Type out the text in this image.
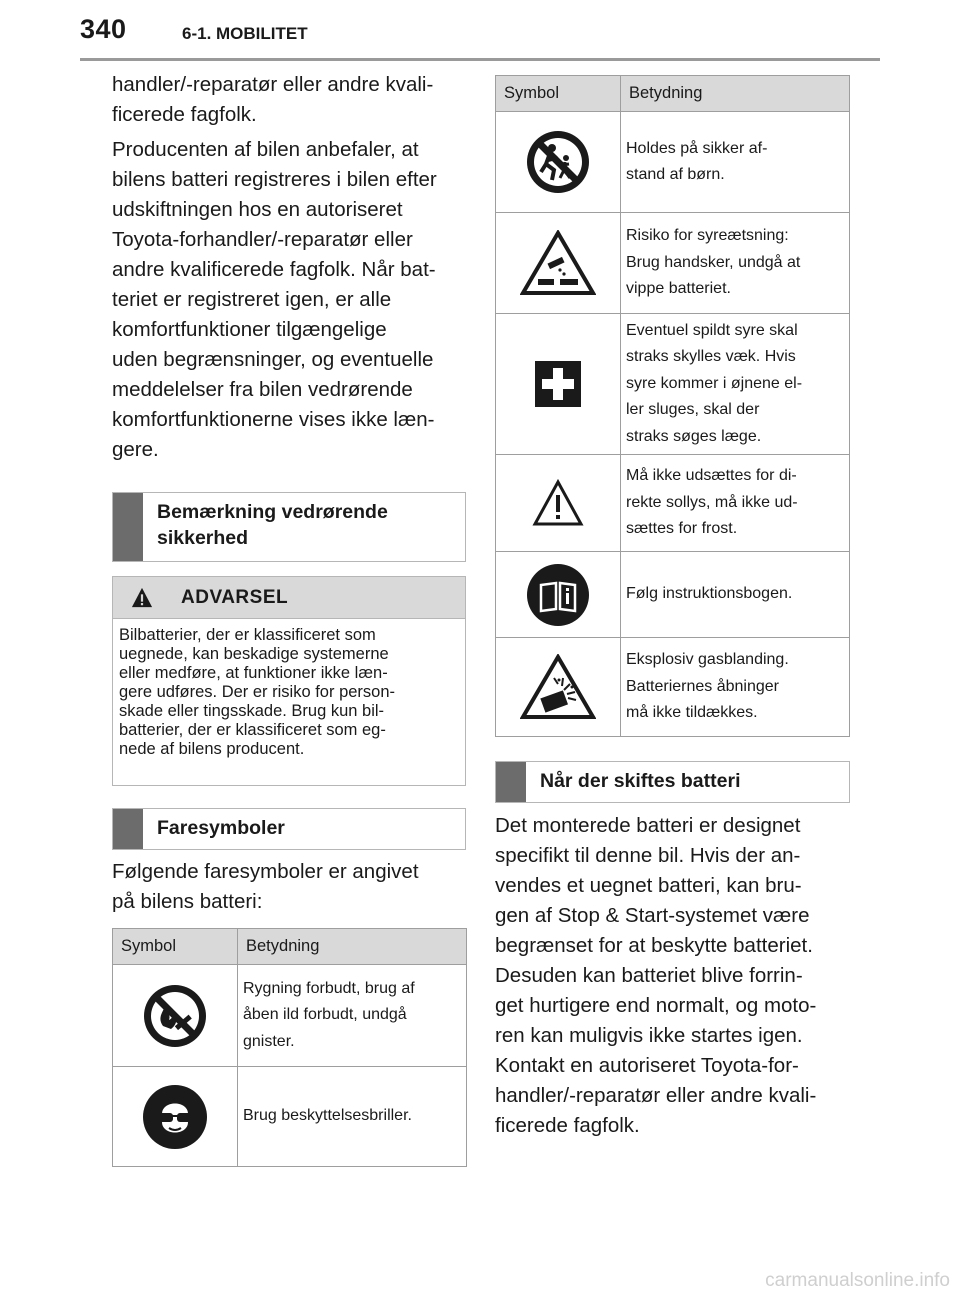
340	6-1. MOBILITET

handler/-reparatør eller andre kvali-

ficerede fagfolk.

Producenten af bilen anbefaler, at

bilens batteri registreres i bilen efter

udskiftningen hos en autoriseret

Toyota-forhandler/-reparatør eller

andre kvalificerede fagfolk. Når bat-

teriet er registreret igen, er alle

komfortfunktioner tilgængelige

uden begrænsninger, og eventuelle

meddelelser fra bilen vedrørende

komfortfunktionerne vises ikke læn-

gere.

Bemærkning vedrørende
sikkerhed
ADVARSEL
Bilbatterier, der er klassificeret som
uegnede, kan beskadige systemerne
eller medføre, at funktioner ikke læn-
gere udføres. Der er risiko for person-
skade eller tingsskade. Brug kun bil-
batterier, der er klassificeret som eg-
nede af bilens producent.
Faresymboler

Følgende faresymboler er angivet

på bilens batteri:

Symbol	Betydning

Rygning forbudt, brug af
åben ild forbudt, undgå
gnister.

Brug beskyttelsesbriller.
Symbol	Betydning

Holdes på sikker af-
stand af børn.

Risiko for syreætsning:
Brug handsker, undgå at
vippe batteriet.

Eventuel spildt syre skal
straks skylles væk. Hvis
syre kommer i øjnene el-
ler sluges, skal der
straks søges læge.

Må ikke udsættes for di-
rekte sollys, må ikke ud-
sættes for frost.

Følg instruktionsbogen.

Eksplosiv gasblanding.
Batteriernes åbninger
må ikke tildækkes.
Når der skiftes batteri

Det monterede batteri er designet

specifikt til denne bil. Hvis der an-

vendes et uegnet batteri, kan bru-

gen af Stop & Start-systemet være

begrænset for at beskytte batteriet.

Desuden kan batteriet blive forrin-

get hurtigere end normalt, og moto-

ren kan muligvis ikke startes igen.

Kontakt en autoriseret Toyota-for-

handler/-reparatør eller andre kvali-

ficerede fagfolk.

carmanualsonline.info
